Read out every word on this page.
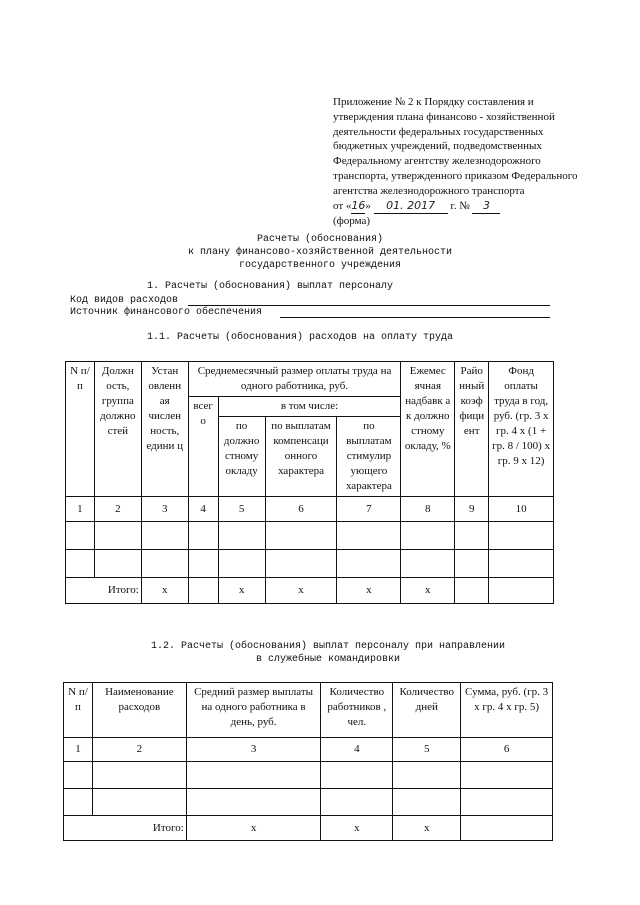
Приложение № 2 к Порядку составления и
утверждения плана финансово - хозяйственной
деятельности федеральных государственных
бюджетных учреждений, подведомственных
Федеральному агентству железнодорожного
транспорта, утвержденного приказом Федерального
агентства железнодорожного транспорта
от «16» 01. 2017 г. № 3
(форма)
Расчеты (обоснования)
к плану финансово-хозяйственной деятельности
государственного учреждения
1. Расчеты (обоснования) выплат персоналу
Код видов расходов
Источник финансового обеспечения
1.1. Расчеты (обоснования) расходов на оплату труда
N п/п	Должн ость, группа должно стей	Устан овленн ая числен ность, едини ц	Среднемесячный размер оплаты труда на одного работника, руб.				Ежемес ячная надбавк а к должно стному окладу, %	Райо нный коэф фици ент	Фонд оплаты труда в год, руб. (гр. 3 x гр. 4 x (1 + гр. 8 / 100) x гр. 9 x 12)
			всег о	в том числе:					
				по должно стному окладу	по выплатам компенсаци онного характера	по выплатам стимулир ующего характера			
1	2	3	4	5	6	7	8	9	10

Итого:		x		x	x	x	x		
1.2. Расчеты (обоснования) выплат персоналу при направлении
в служебные командировки
N п/п	Наименование расходов	Средний размер выплаты на одного работника в день, руб.	Количество работников , чел.	Количество дней	Сумма, руб. (гр. 3 x гр. 4 x гр. 5)
1	2	3	4	5	6

Итого:		x	x	x	
